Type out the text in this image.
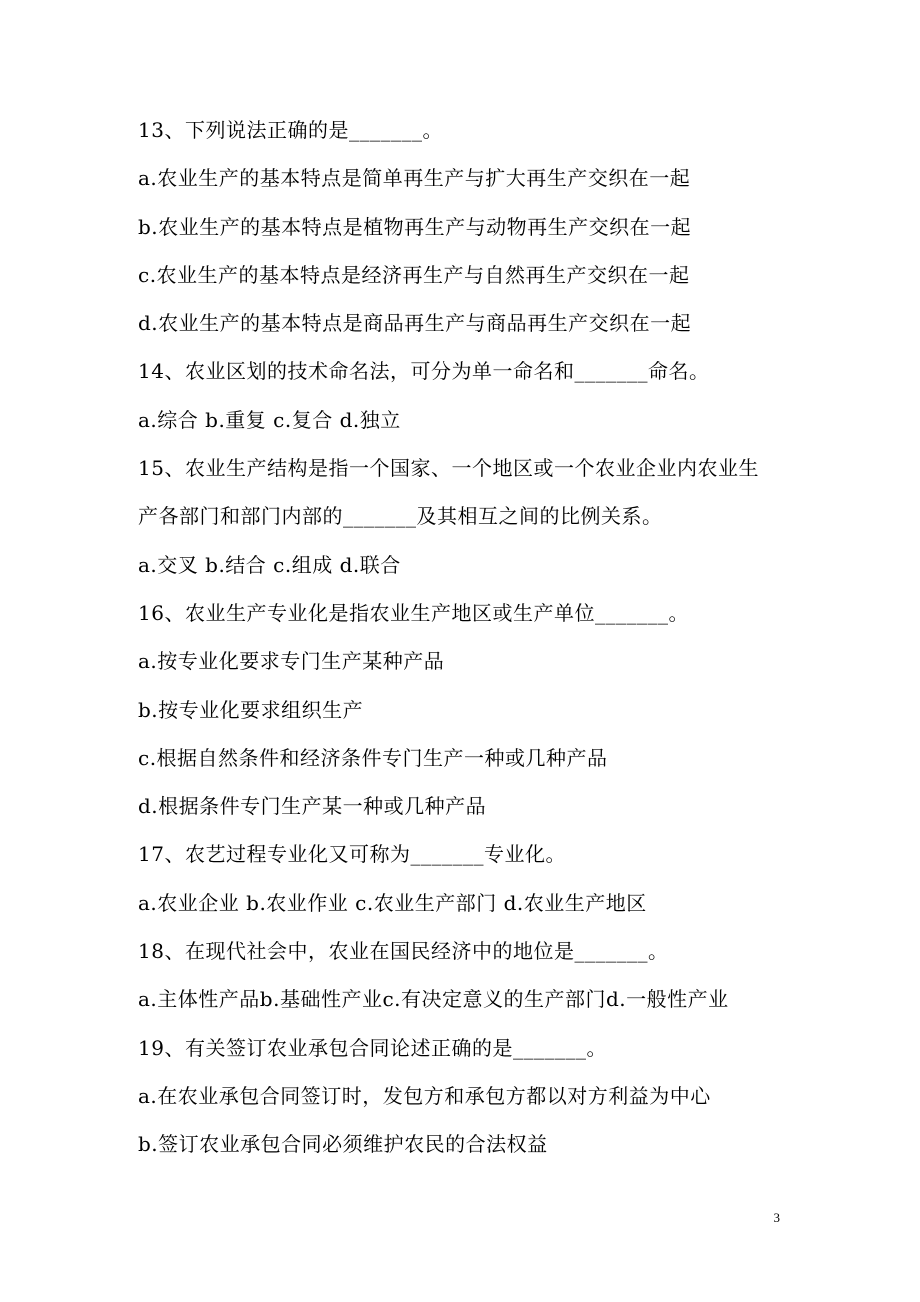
13、下列说法正确的是_______。
a.农业生产的基本特点是简单再生产与扩大再生产交织在一起
b.农业生产的基本特点是植物再生产与动物再生产交织在一起
c.农业生产的基本特点是经济再生产与自然再生产交织在一起
d.农业生产的基本特点是商品再生产与商品再生产交织在一起
14、农业区划的技术命名法，可分为单一命名和_______命名。
a.综合 b.重复 c.复合 d.独立
15、农业生产结构是指一个国家、一个地区或一个农业企业内农业生
产各部门和部门内部的_______及其相互之间的比例关系。
a.交叉 b.结合 c.组成 d.联合
16、农业生产专业化是指农业生产地区或生产单位_______。
a.按专业化要求专门生产某种产品
b.按专业化要求组织生产
c.根据自然条件和经济条件专门生产一种或几种产品
d.根据条件专门生产某一种或几种产品
17、农艺过程专业化又可称为_______专业化。
a.农业企业 b.农业作业 c.农业生产部门 d.农业生产地区
18、在现代社会中，农业在国民经济中的地位是_______。
a.主体性产品b.基础性产业c.有决定意义的生产部门d.一般性产业
19、有关签订农业承包合同论述正确的是_______。
a.在农业承包合同签订时，发包方和承包方都以对方利益为中心
b.签订农业承包合同必须维护农民的合法权益
3
